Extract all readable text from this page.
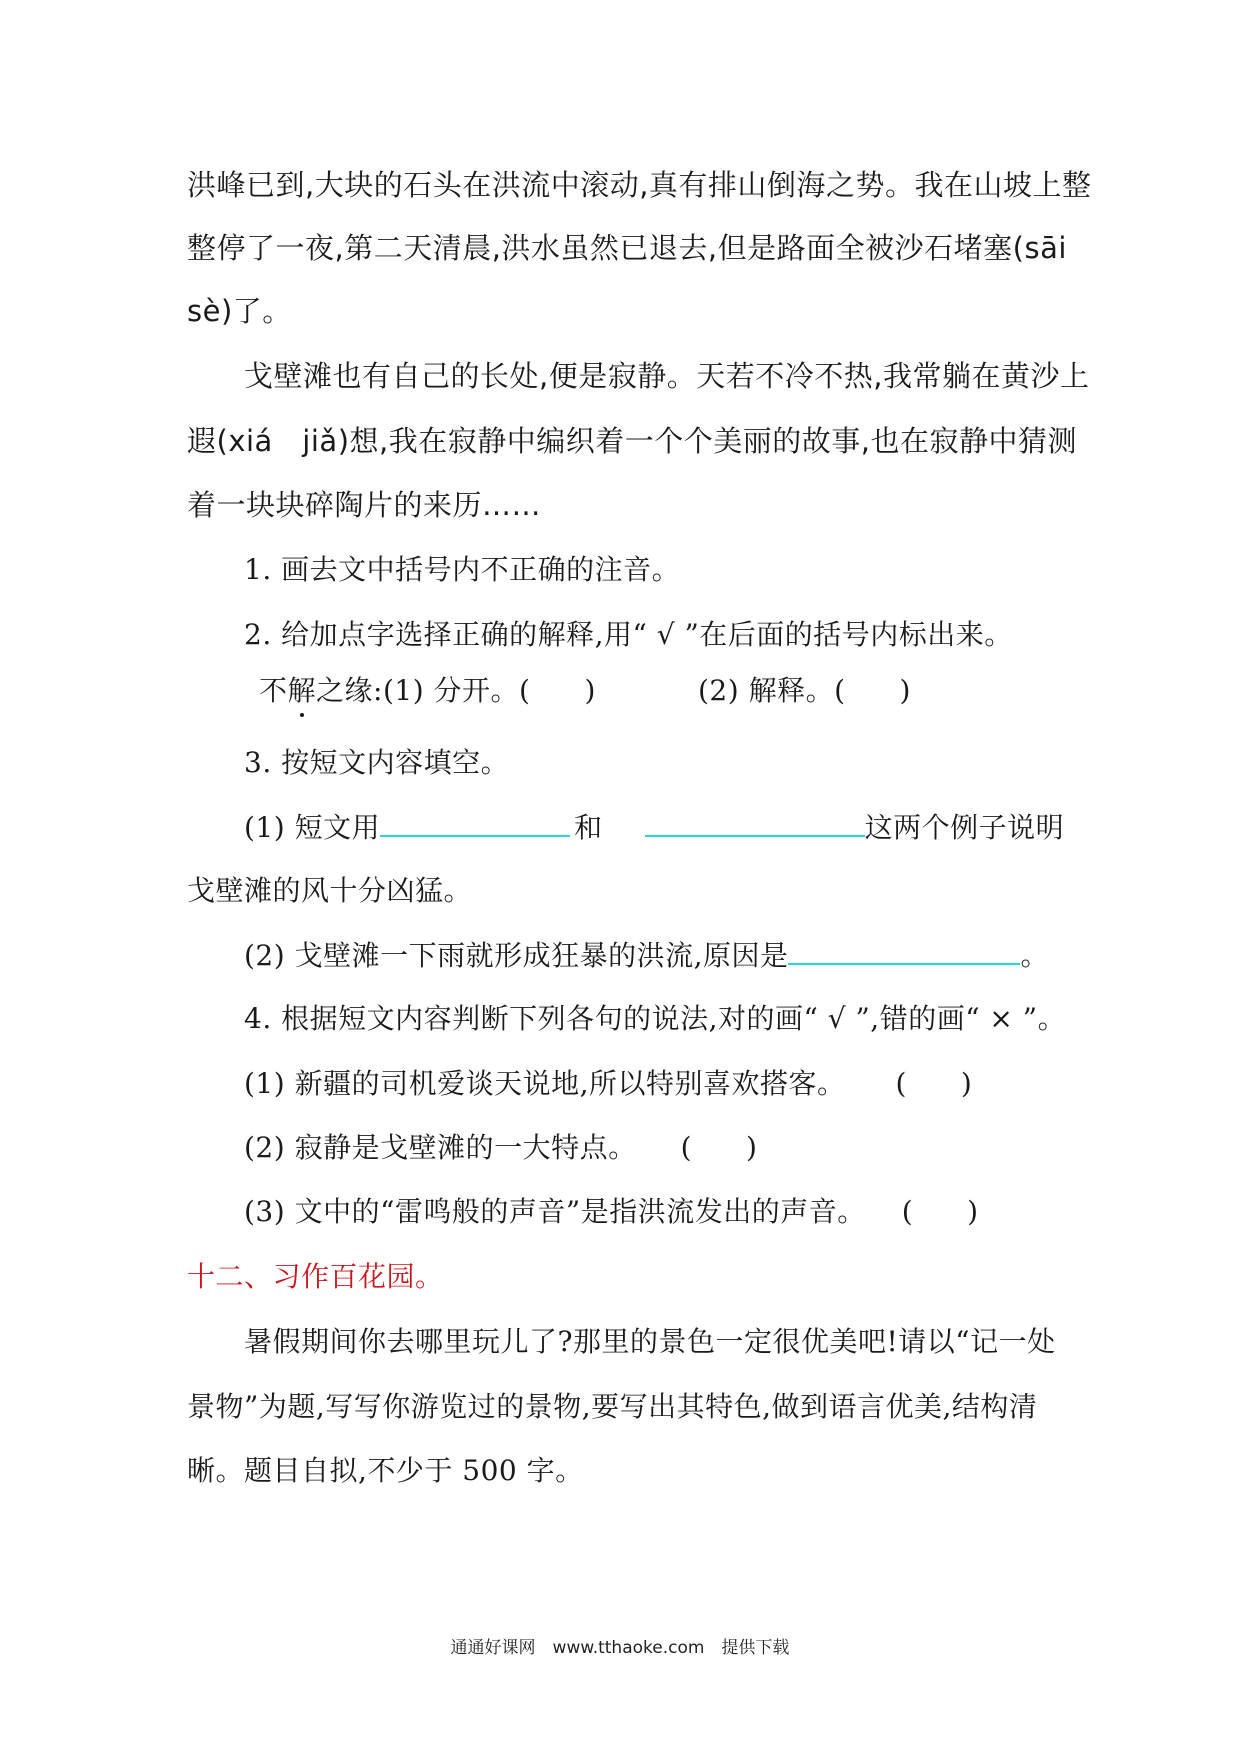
洪峰已到,大块的石头在洪流中滚动,真有排山倒海之势。我在山坡上整
整停了一夜,第二天清晨,洪水虽然已退去,但是路面全被沙石堵塞(sāi
sè)了。
戈壁滩也有自己的长处,便是寂静。天若不冷不热,我常躺在黄沙上
遐(xiá　jiǎ)想,我在寂静中编织着一个个美丽的故事,也在寂静中猜测
着一块块碎陶片的来历……
1. 画去文中括号内不正确的注音。
2. 给加点字选择正确的解释,用“ √ ”在后面的括号内标出来。
不解之缘:(1) 分开。( )	(2) 解释。( )
3. 按短文内容填空。
(1) 短文用	和	这两个例子说明
戈壁滩的风十分凶猛。
(2) 戈壁滩一下雨就形成狂暴的洪流,原因是	。
4. 根据短文内容判断下列各句的说法,对的画“ √ ”,错的画“ × ”。
(1) 新疆的司机爱谈天说地,所以特别喜欢搭客。 ( )
(2) 寂静是戈壁滩的一大特点。 ( )
(3) 文中的“雷鸣般的声音”是指洪流发出的声音。 ( )
十二、习作百花园。
暑假期间你去哪里玩儿了?那里的景色一定很优美吧!请以“记一处
景物”为题,写写你游览过的景物,要写出其特色,做到语言优美,结构清
晰。题目自拟,不少于 500 字。
通通好课网　www.tthaoke.com　提供下载
